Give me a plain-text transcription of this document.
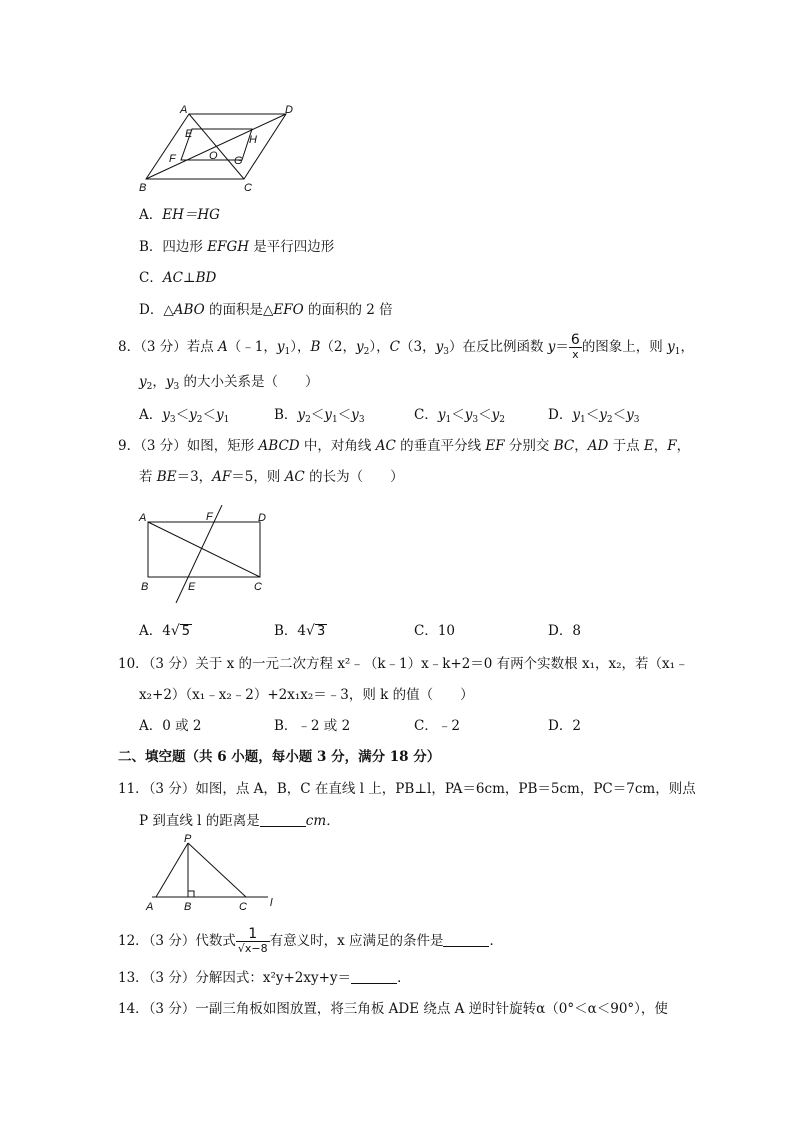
A	D
E	H
F	O G
B	C
A．EH＝HG
B．四边形 EFGH 是平行四边形
C．AC⊥BD
D．△ABO 的面积是△EFO 的面积的 2 倍
8．（3 分）若点 A（﹣1，$y_1$），B（2，$y_2$），C（3，$y_3$）在反比例函数 $y= \frac{6}{x}$ 的图象上，则 $y_1$，
$y_2$，$y_3$ 的大小关系是（　　）
A．$y_3<y_2<y_1$	B．$y_2<y_1<y_3$	C．$y_1<y_3<y_2$	D．$y_1<y_2<y_3$
9．（3 分）如图，矩形 ABCD 中，对角线 AC 的垂直平分线 EF 分别交 BC，AD 于点 E，F，
若 BE＝3，AF＝5，则 AC 的长为（　　）
A	F	D
B	E	C
A．4√ 5	B．4√ 3	C．10	D．8
10．（3 分）关于 x 的一元二次方程 x²﹣（k﹣1）x﹣k+2＝0 有两个实数根 x₁，x₂，若（x₁﹣
x₂+2）（x₁﹣x₂﹣2）+2x₁x₂＝﹣3，则 k 的值（　　）
A．0 或 2	B．﹣2 或 2	C．﹣2	D．2
二、填空题（共 6 小题，每小题 3 分，满分 18 分）
11．（3 分）如图，点 A，B，C 在直线 l 上，PB⊥l，PA＝6cm，PB＝5cm，PC＝7cm，则点
P 到直线 l 的距离是	cm．
P
A	B	C l
12．（3 分）代数式 $\frac{1}{√x-8}$ 有意义时，x 应满足的条件是	．
13．（3 分）分解因式：x²y+2xy+y＝	．
14．（3 分）一副三角板如图放置，将三角板 ADE 绕点 A 逆时针旋转α（0°＜α＜90°），使
